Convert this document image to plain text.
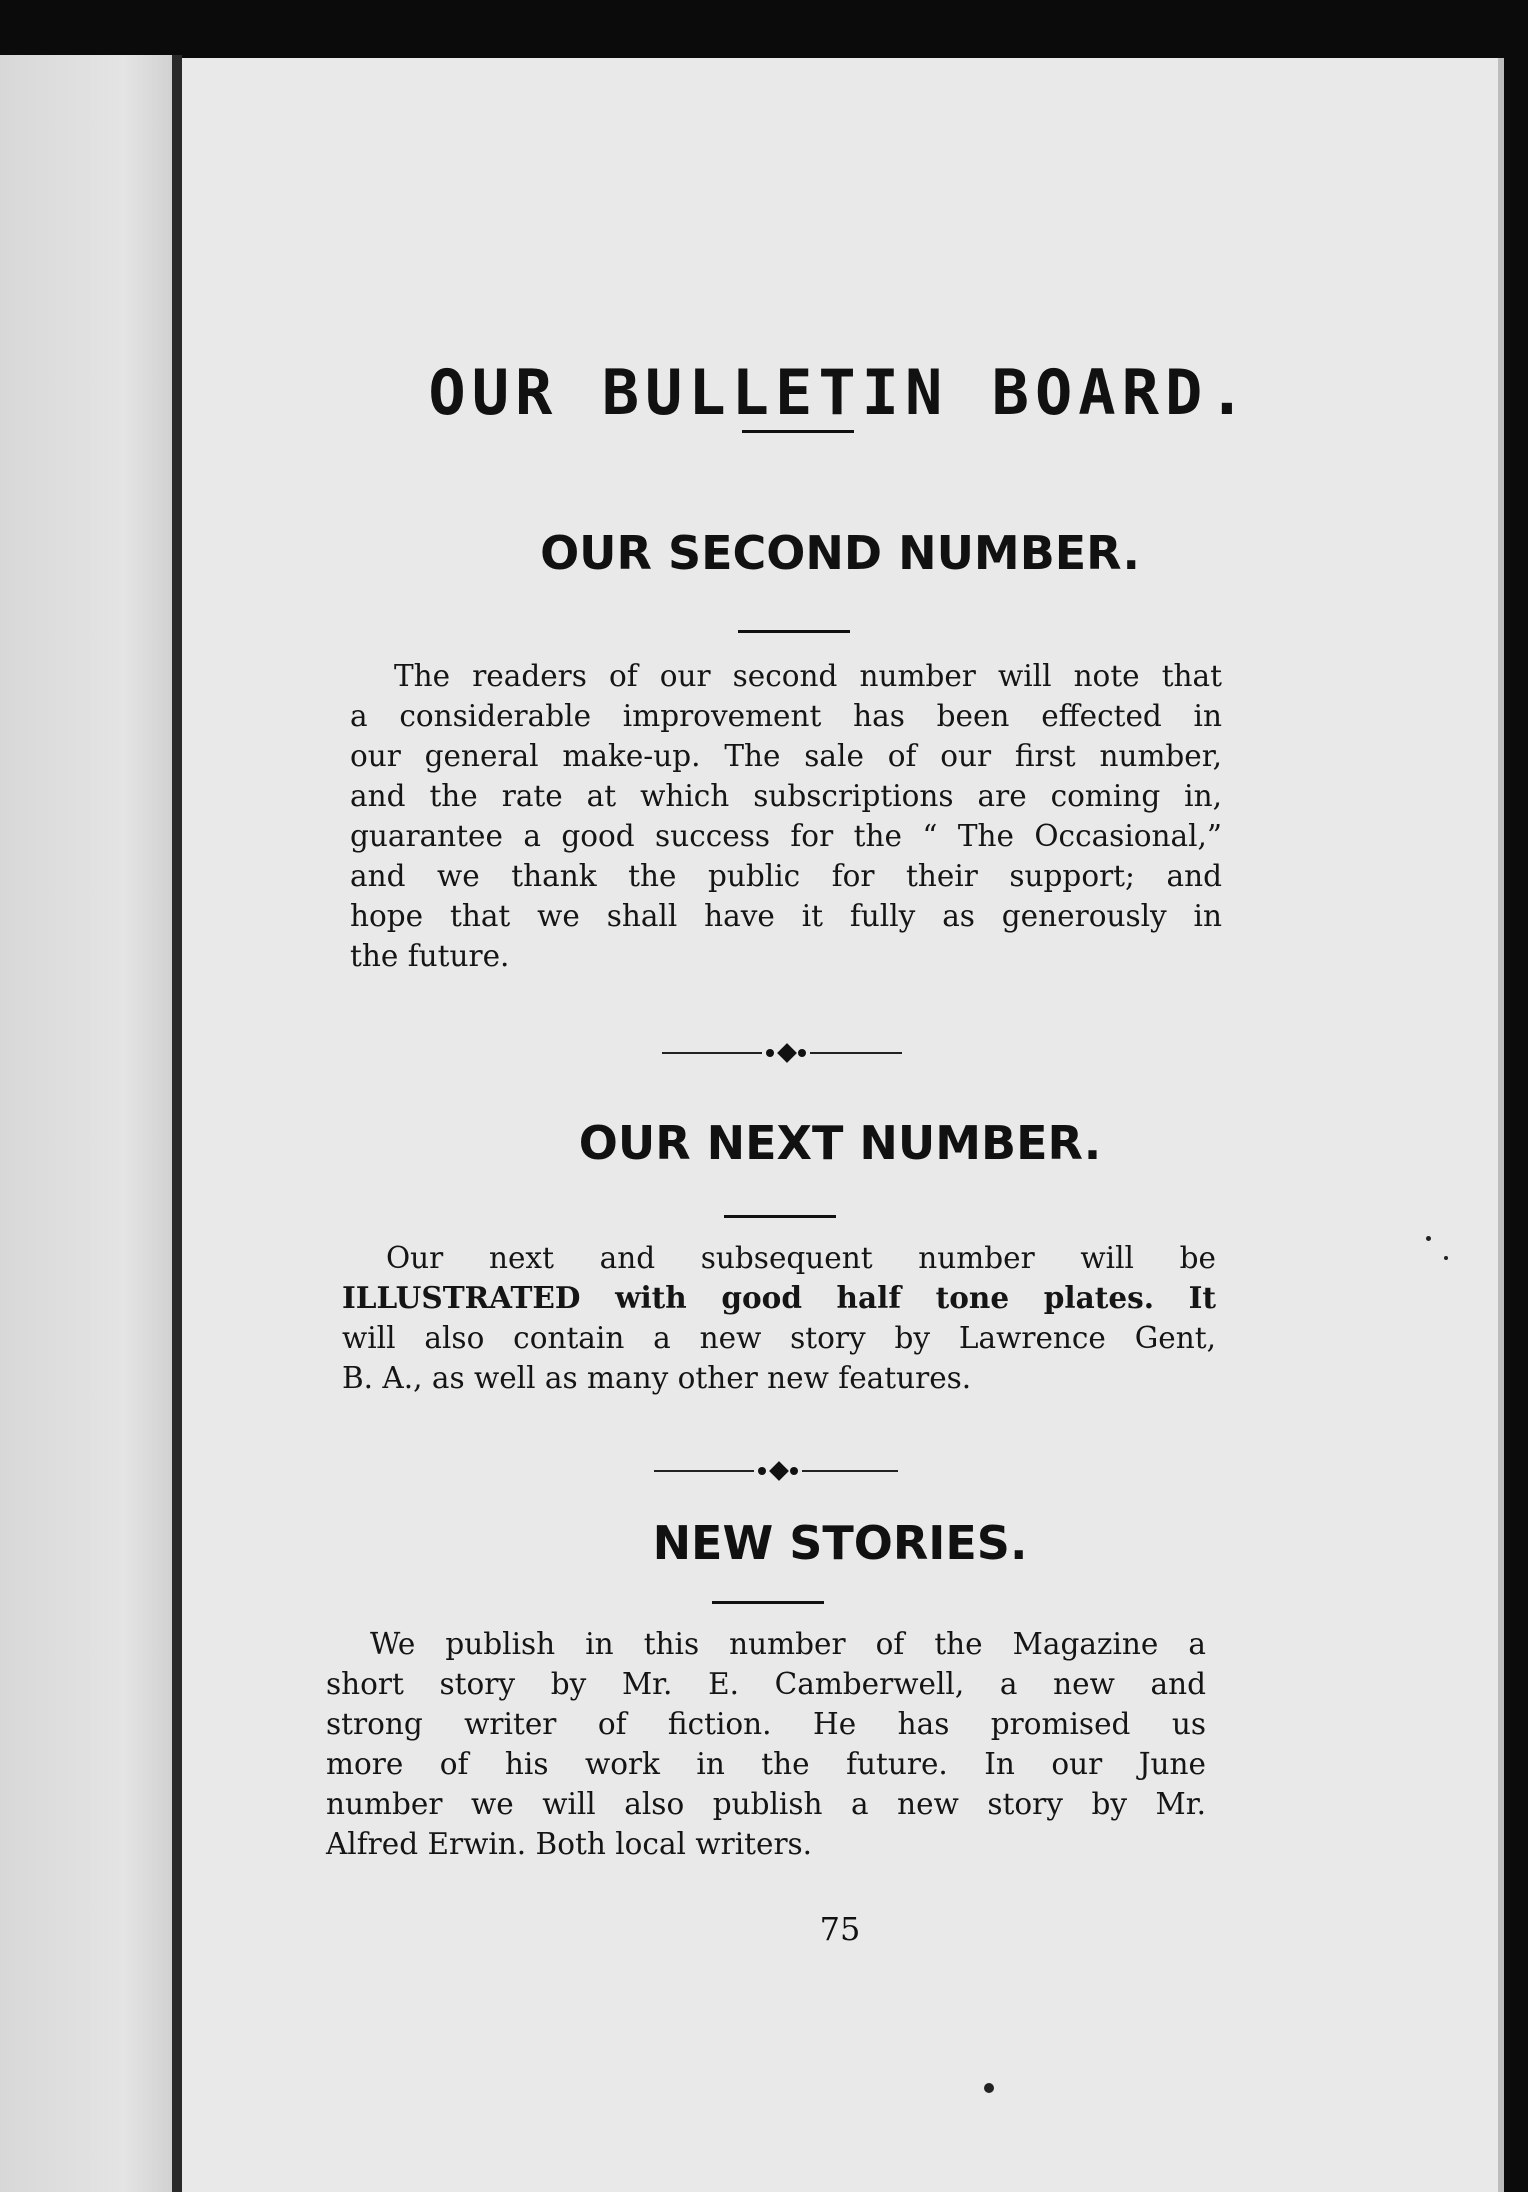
OUR BULLETIN BOARD.
OUR SECOND NUMBER.
The readers of our second number will note that
a considerable improvement has been effected in
our general make-up. The sale of our first number,
and the rate at which subscriptions are coming in,
guarantee a good success for the “ The Occasional,”
and we thank the public for their support; and
hope that we shall have it fully as generously in
the future.
OUR NEXT NUMBER.
Our next and subsequent number will be
ILLUSTRATED with good half tone plates. It
will also contain a new story by Lawrence Gent,
B. A., as well as many other new features.
NEW STORIES.
We publish in this number of the Magazine a
short story by Mr. E. Camberwell, a new and
strong writer of fiction. He has promised us
more of his work in the future. In our June
number we will also publish a new story by Mr.
Alfred Erwin. Both local writers.

75
